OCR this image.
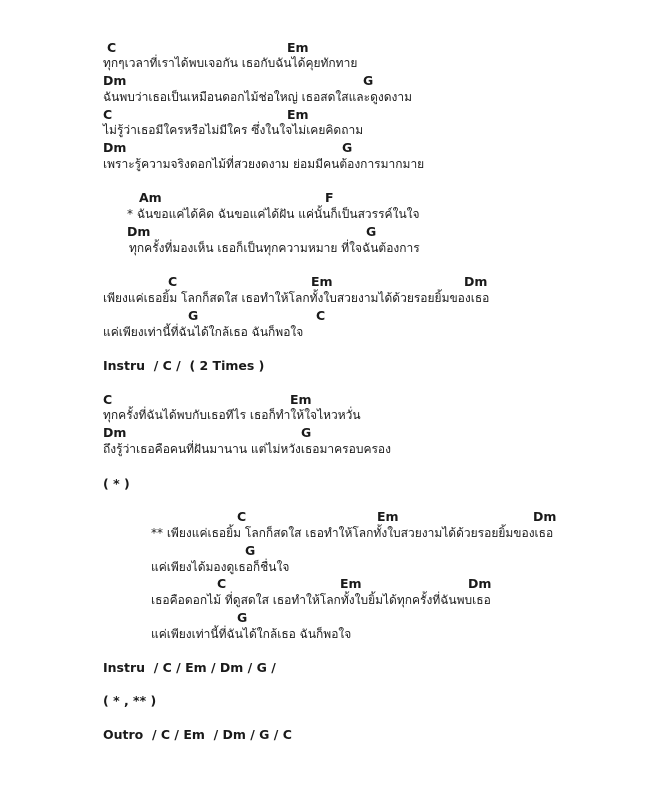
C	Em
ทุกๆเวลาที่เราได้พบเจอกัน เธอกับฉันได้คุยทักทาย
Dm	G
ฉันพบว่าเธอเป็นเหมือนดอกไม้ช่อใหญ่ เธอสดใสและดูงดงาม
C	Em
ไม่รู้ว่าเธอมีใครหรือไม่มีใคร ซึ่งในใจไม่เคยคิดถาม
Dm	G
เพราะรู้ความจริงดอกไม้ที่สวยงดงาม ย่อมมีคนต้องการมากมาย
Am	F
* ฉันขอแค่ได้คิด ฉันขอแค่ได้ฝัน แค่นั้นก็เป็นสวรรค์ในใจ
Dm	G
ทุกครั้งที่มองเห็น เธอก็เป็นทุกความหมาย ที่ใจฉันต้องการ
C	Em	Dm
เพียงแค่เธอยิ้ม โลกก็สดใส เธอทำให้โลกทั้งใบสวยงามได้ด้วยรอยยิ้มของเธอ
G	C
แค่เพียงเท่านี้ที่ฉันได้ใกล้เธอ ฉันก็พอใจ
Instru  / C /  ( 2 Times )
C	Em
ทุกครั้งที่ฉันได้พบกับเธอทีไร เธอก็ทำให้ใจไหวหวั่น
Dm	G
ถึงรู้ว่าเธอคือคนที่ฝันมานาน แต่ไม่หวังเธอมาครอบครอง
( * )
C	Em	Dm
** เพียงแค่เธอยิ้ม โลกก็สดใส เธอทำให้โลกทั้งใบสวยงามได้ด้วยรอยยิ้มของเธอ
G
แค่เพียงได้มองดูเธอก็ชื่นใจ
C	Em	Dm
เธอคือดอกไม้ ที่ดูสดใส เธอทำให้โลกทั้งใบยิ้มได้ทุกครั้งที่ฉันพบเธอ
G
แค่เพียงเท่านี้ที่ฉันได้ใกล้เธอ ฉันก็พอใจ
Instru  / C / Em / Dm / G /
( * , ** )
Outro  / C / Em  / Dm / G / C
